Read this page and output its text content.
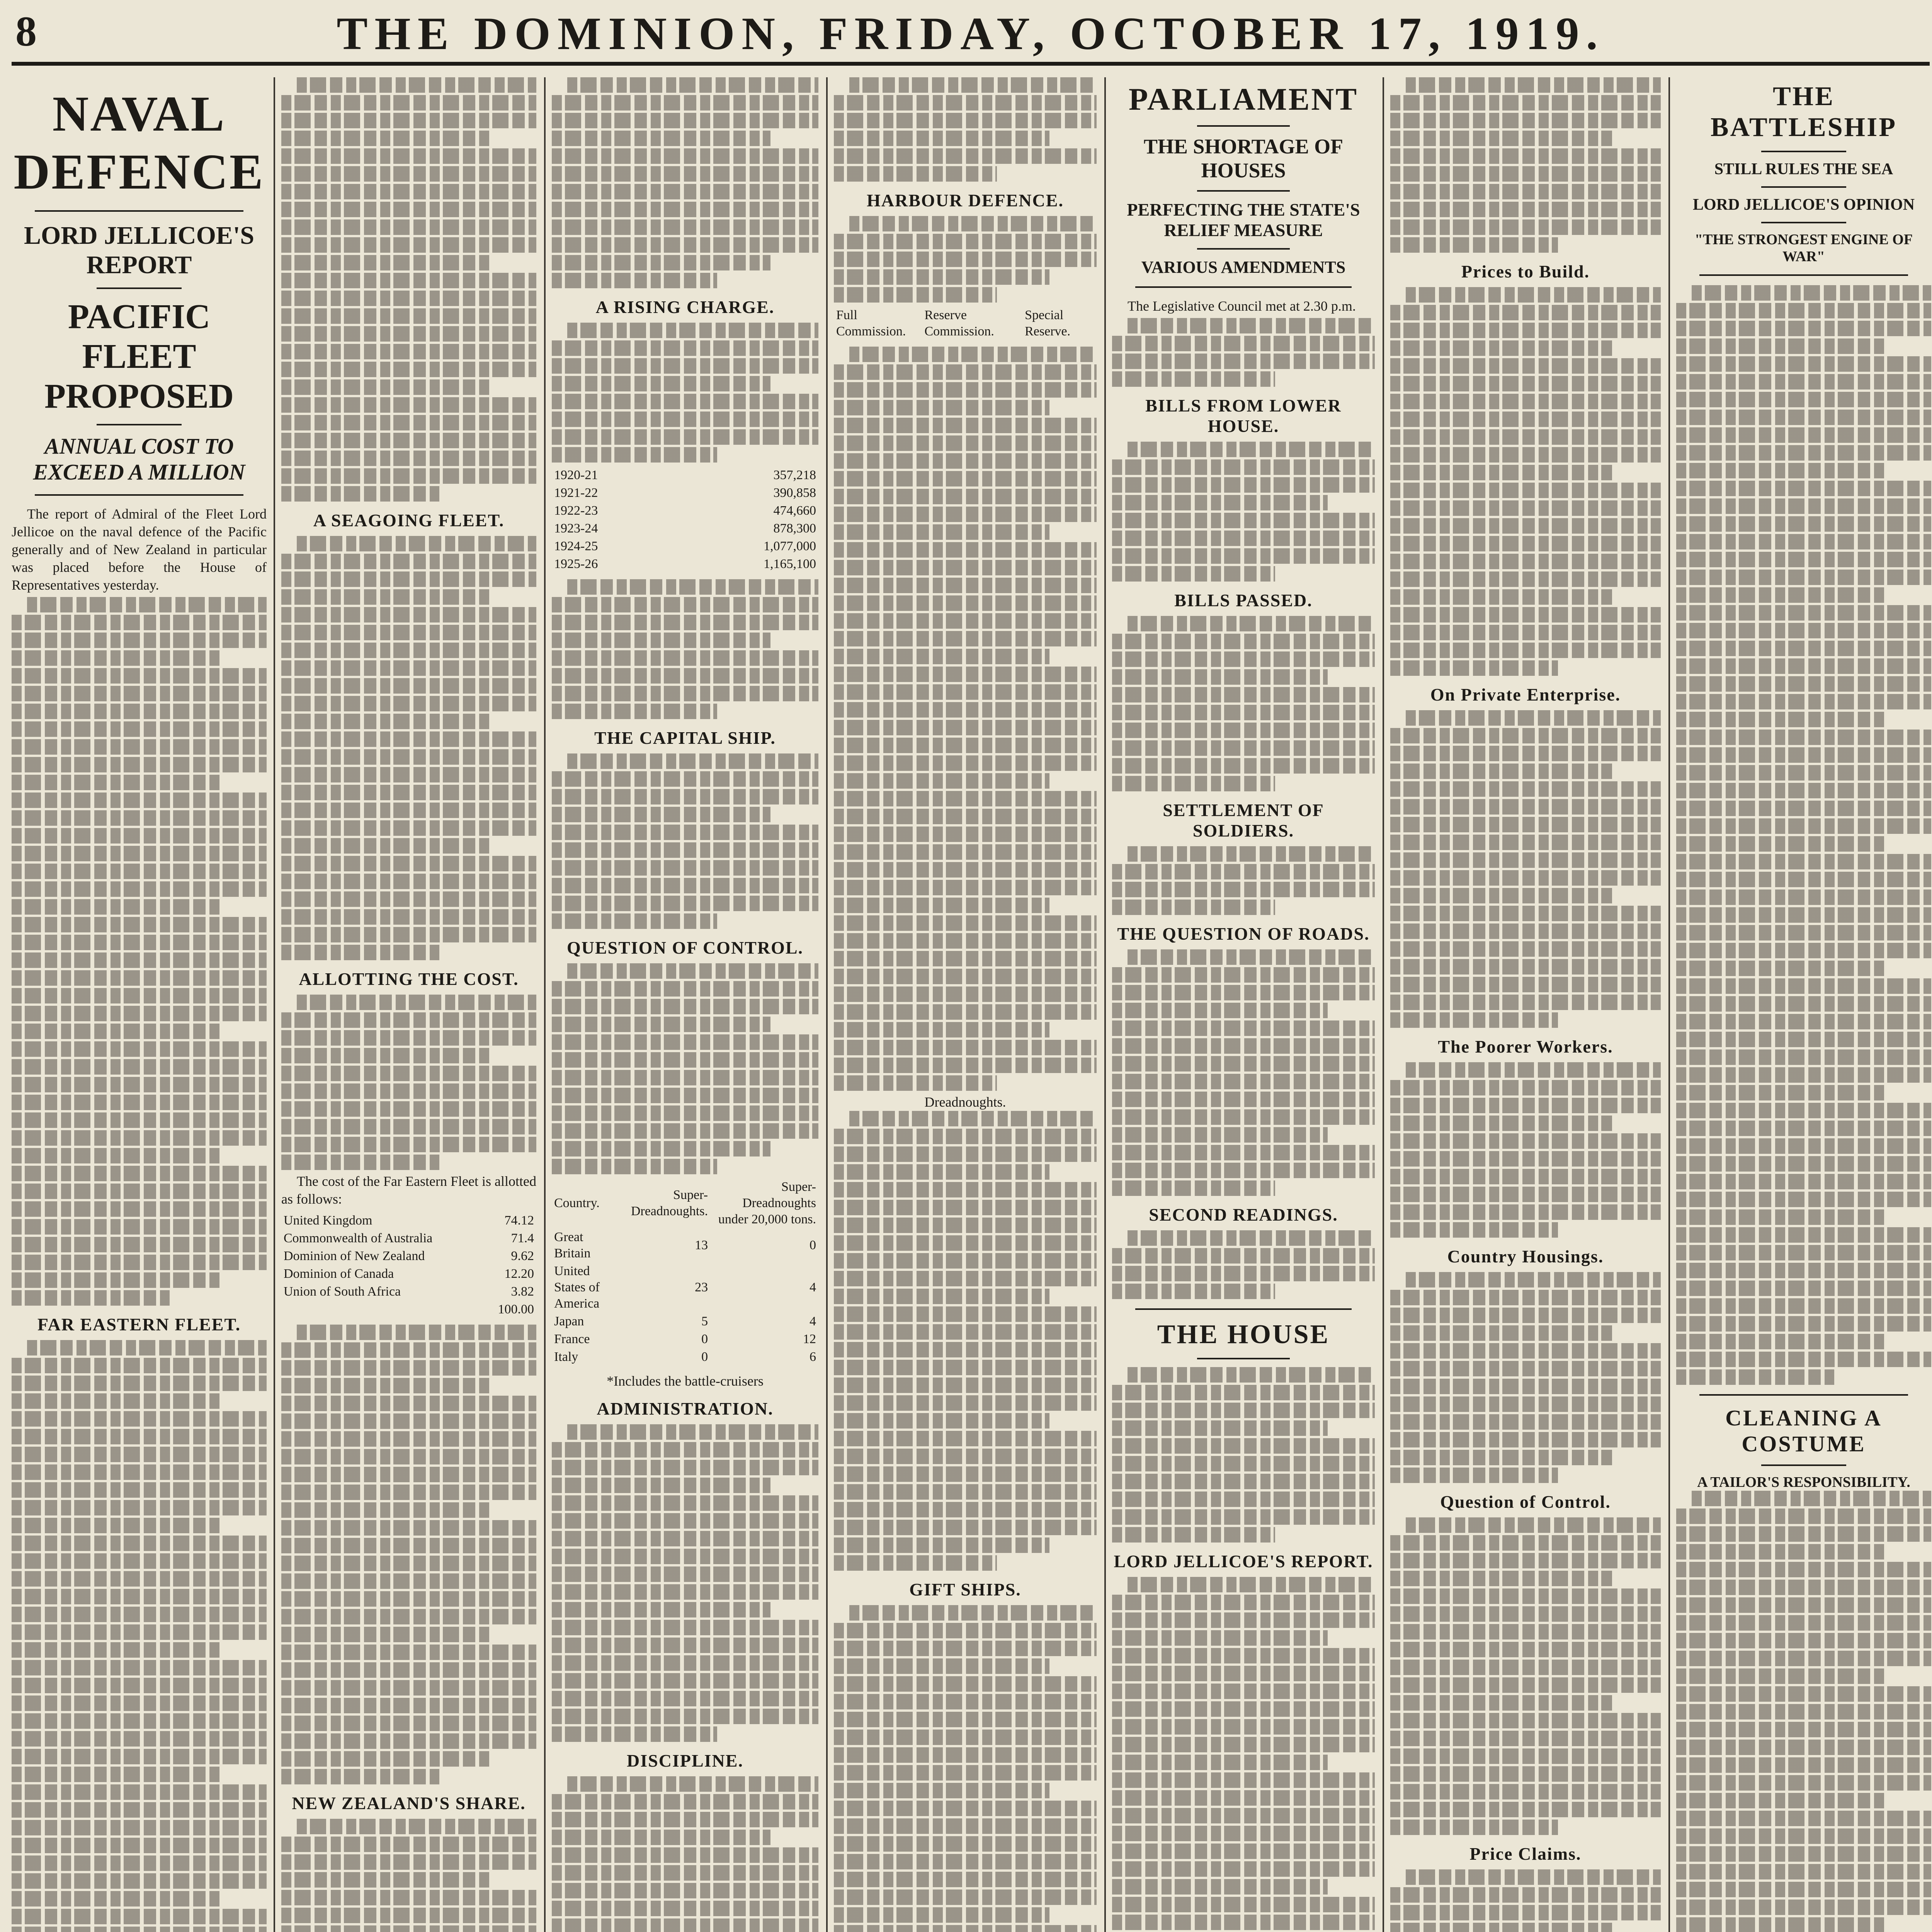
8	THE DOMINION, FRIDAY, OCTOBER 17, 1919.
NAVAL DEFENCE
LORD JELLICOE'S REPORT
PACIFIC FLEET PROPOSED
ANNUAL COST TO EXCEED A MILLION

The report of Admiral of the Fleet Lord Jellicoe on the naval defence of the Pacific generally and of New Zealand in particular was placed before the House of Representatives yesterday.

FAR EASTERN FLEET.
A SEAGOING FLEET.
ALLOTTING THE COST.

The cost of the Far Eastern Fleet is allotted as follows:

United Kingdom	74.12
Commonwealth of Australia	71.4
Dominion of New Zealand	9.62
Dominion of Canada	12.20
Union of South Africa	3.82
	100.00
NEW ZEALAND'S SHARE.

A RISING CHARGE.
1920-21	357,218
1921-22	390,858
1922-23	474,660
1923-24	878,300
1924-25	1,077,000
1925-26	1,165,100
THE CAPITAL SHIP.
QUESTION OF CONTROL.
Country.	Super-Dreadnoughts.	Super-Dreadnoughts under 20,000 tons.
Great Britain	13	0
United States of America	23	4
Japan	5	4
France	0	12
Italy	0	6
*Includes the battle-cruisers
ADMINISTRATION.
DISCIPLINE.
HARBOUR DEFENCE.
Full Commission.	Reserve Commission.	Special Reserve.
Dreadnoughts.
GIFT SHIPS.

PARLIAMENT
THE SHORTAGE OF HOUSES
PERFECTING THE STATE'S RELIEF MEASURE
VARIOUS AMENDMENTS

The Legislative Council met at 2.30 p.m.

BILLS FROM LOWER HOUSE.
BILLS PASSED.
SETTLEMENT OF SOLDIERS.
THE QUESTION OF ROADS.
SECOND READINGS.
THE HOUSE
LORD JELLICOE'S REPORT.
Prices to Build.
On Private Enterprise.
The Poorer Workers.
Country Housings.
Question of Control.
Price Claims.
THE BATTLESHIP
STILL RULES THE SEA
LORD JELLICOE'S OPINION
"THE STRONGEST ENGINE OF WAR"
CLEANING A COSTUME
A TAILOR'S RESPONSIBILITY.
